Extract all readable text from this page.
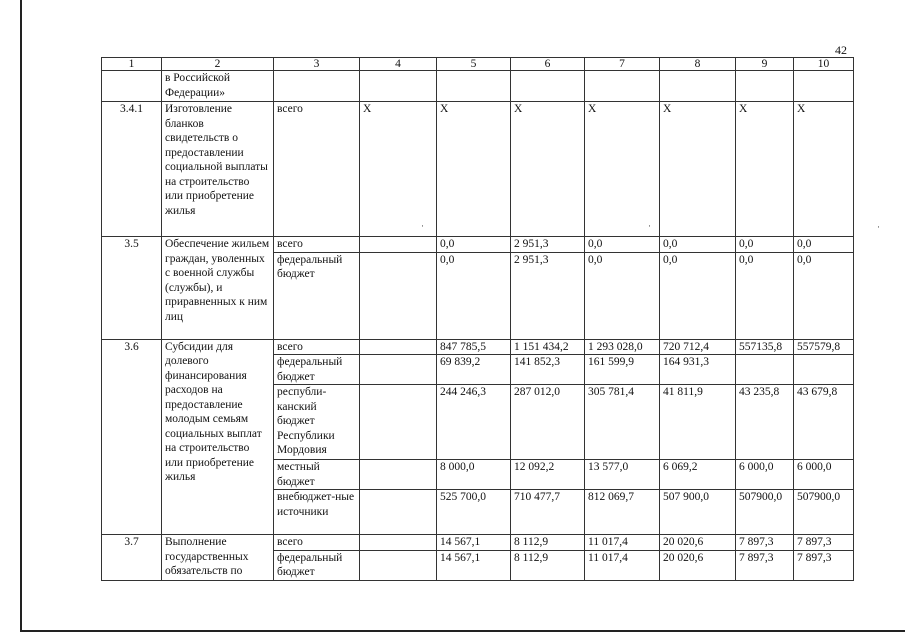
42
·	·	·
1	2	3	4	5	6	7	8	9	10
	в Российской Федерации»								
3.4.1	Изготовление бланков свидетельств о предоставлении социальной выплаты на строительство или приобретение жилья	всего	Х	Х	Х	Х	Х	Х	Х
3.5	Обеспечение жильем граждан, уволенных с военной службы (службы), и приравненных к ним лиц	всего		0,0	2 951,3	0,0	0,0	0,0	0,0
		федеральный бюджет		0,0	2 951,3	0,0	0,0	0,0	0,0
3.6	Субсидии для долевого финансирования расходов на предоставление молодым семьям социальных выплат на строительство или приобретение жилья	всего		847 785,5	1 151 434,2	1 293 028,0	720 712,4	557135,8	557579,8
		федеральный бюджет		69 839,2	141 852,3	161 599,9	164 931,3		
		республи-канский бюджет Республики Мордовия		244 246,3	287 012,0	305 781,4	41 811,9	43 235,8	43 679,8
		местный бюджет		8 000,0	12 092,2	13 577,0	6 069,2	6 000,0	6 000,0
		внебюджет-ные источники		525 700,0	710 477,7	812 069,7	507 900,0	507900,0	507900,0
3.7	Выполнение государственных обязательств по	всего		14 567,1	8 112,9	11 017,4	20 020,6	7 897,3	7 897,3
		федеральный бюджет		14 567,1	8 112,9	11 017,4	20 020,6	7 897,3	7 897,3
